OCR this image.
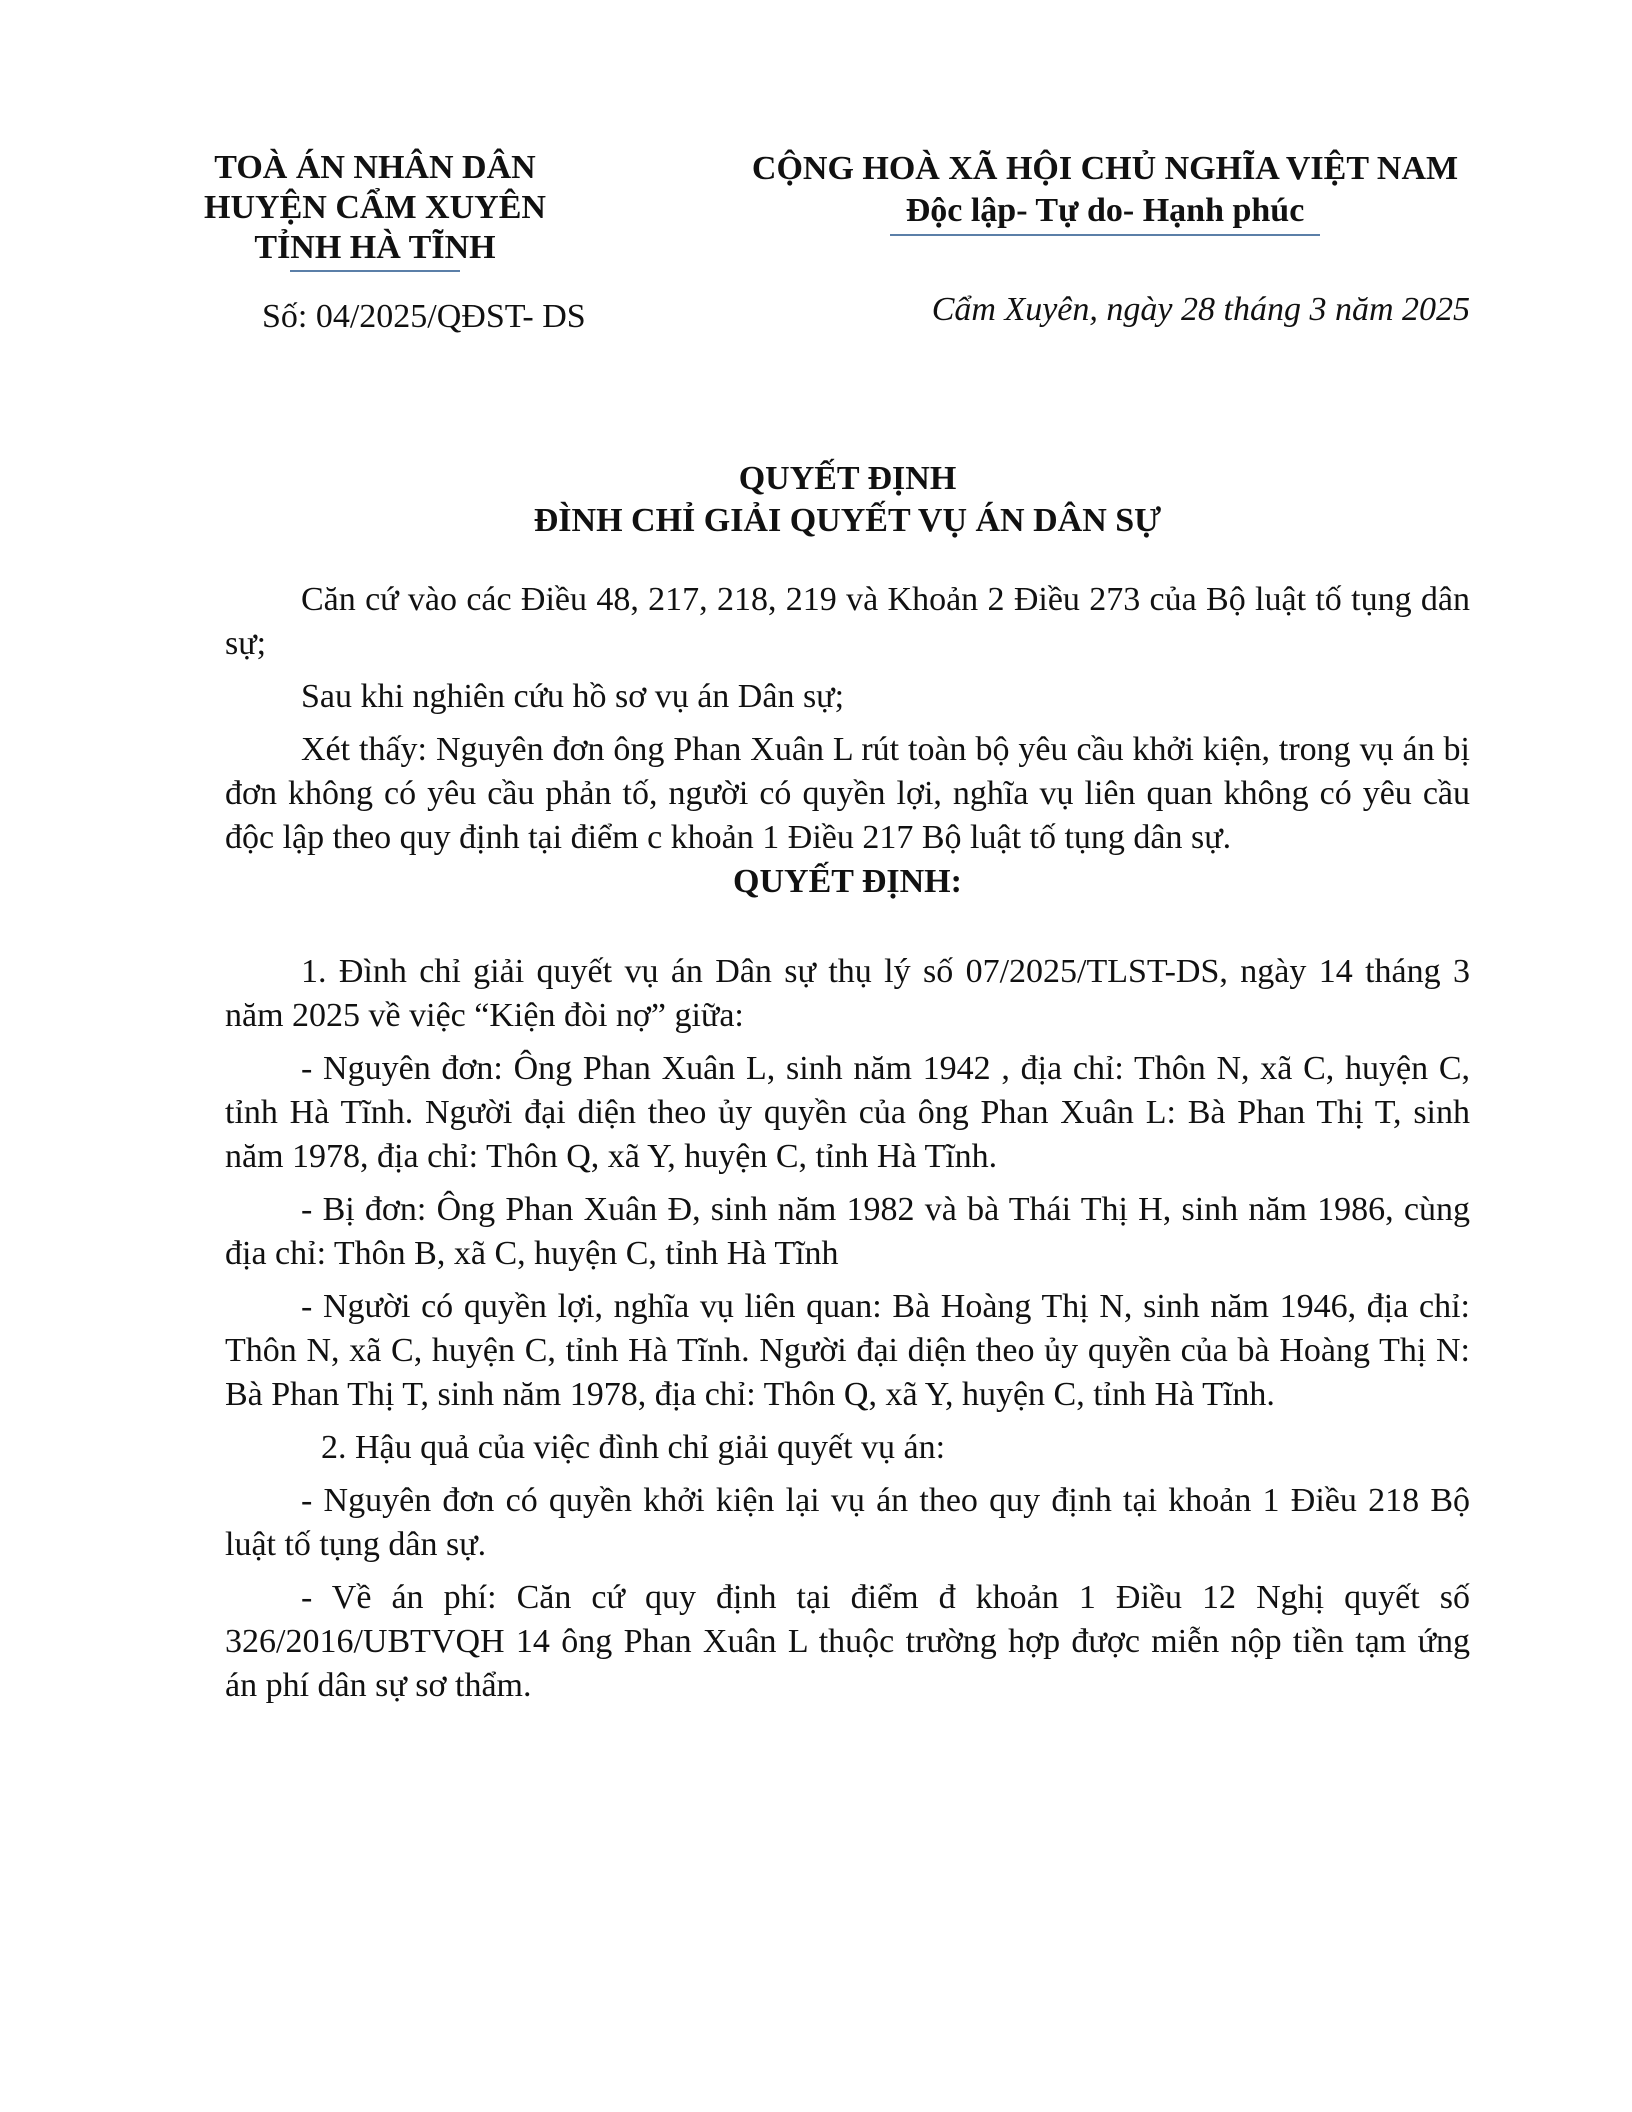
TOÀ ÁN NHÂN DÂN
HUYỆN CẨM XUYÊN
TỈNH HÀ TĨNH
Số: 04/2025/QĐST- DS
CỘNG HOÀ XÃ HỘI CHỦ NGHĨA VIỆT NAM
Độc lập- Tự do- Hạnh phúc
Cẩm Xuyên, ngày 28 tháng 3 năm 2025
QUYẾT ĐỊNH
ĐÌNH CHỈ GIẢI QUYẾT VỤ ÁN DÂN SỰ

Căn cứ vào các Điều 48, 217, 218, 219 và Khoản 2 Điều 273 của Bộ luật tố tụng dân sự;

Sau khi nghiên cứu hồ sơ vụ án Dân sự;

Xét thấy: Nguyên đơn ông Phan Xuân L rút toàn bộ yêu cầu khởi kiện, trong vụ án bị đơn không có yêu cầu phản tố, người có quyền lợi, nghĩa vụ liên quan không có yêu cầu độc lập theo quy định tại điểm c khoản 1 Điều 217 Bộ luật tố tụng dân sự.

QUYẾT ĐỊNH:

1. Đình chỉ giải quyết vụ án Dân sự thụ lý số 07/2025/TLST-DS, ngày 14 tháng 3 năm 2025 về việc “Kiện đòi nợ” giữa:

- Nguyên đơn: Ông Phan Xuân L, sinh năm 1942 , địa chỉ: Thôn N, xã C, huyện C, tỉnh Hà Tĩnh. Người đại diện theo ủy quyền của ông Phan Xuân L: Bà Phan Thị T, sinh năm 1978, địa chỉ: Thôn Q, xã Y, huyện C, tỉnh Hà Tĩnh.

- Bị đơn: Ông Phan Xuân Đ, sinh năm 1982 và bà Thái Thị H, sinh năm 1986, cùng địa chỉ: Thôn B, xã C, huyện C, tỉnh Hà Tĩnh

- Người có quyền lợi, nghĩa vụ liên quan: Bà Hoàng Thị N, sinh năm 1946, địa chỉ: Thôn N, xã C, huyện C, tỉnh Hà Tĩnh. Người đại diện theo ủy quyền của bà Hoàng Thị N: Bà Phan Thị T, sinh năm 1978, địa chỉ: Thôn Q, xã Y, huyện C, tỉnh Hà Tĩnh.

2. Hậu quả của việc đình chỉ giải quyết vụ án:

- Nguyên đơn có quyền khởi kiện lại vụ án theo quy định tại khoản 1 Điều 218 Bộ luật tố tụng dân sự.

- Về án phí: Căn cứ quy định tại điểm đ khoản 1 Điều 12 Nghị quyết số 326/2016/UBTVQH 14 ông Phan Xuân L thuộc trường hợp được miễn nộp tiền tạm ứng án phí dân sự sơ thẩm.
